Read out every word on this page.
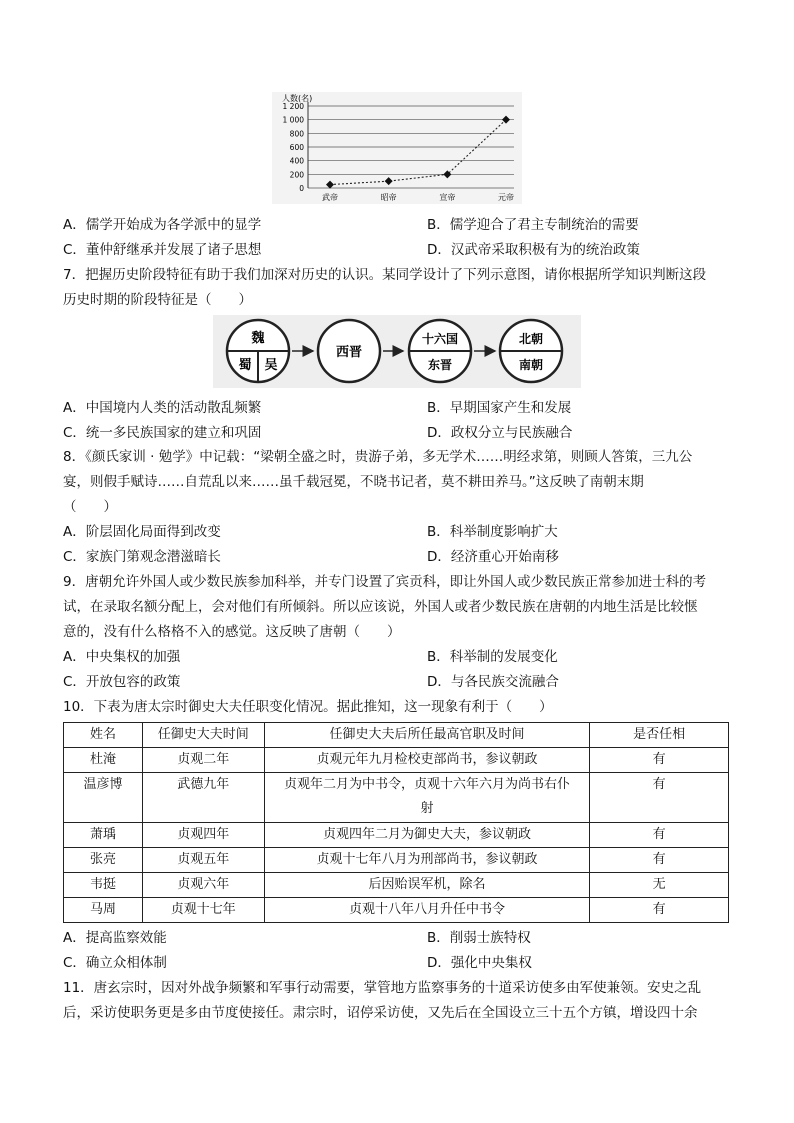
人数(名)
1 200
1 000
800
600
400
200
0
武帝	昭帝	宣帝	元帝
A．儒学开始成为各学派中的显学	B．儒学迎合了君主专制统治的需要
C．董仲舒继承并发展了诸子思想	D．汉武帝采取积极有为的统治政策
7．把握历史阶段特征有助于我们加深对历史的认识。某同学设计了下列示意图，请你根据所学知识判断这段
历史时期的阶段特征是（　　）
魏
蜀 吴
西晋
十六国
东晋
北朝
南朝
A．中国境内人类的活动散乱频繁	B．早期国家产生和发展
C．统一多民族国家的建立和巩固	D．政权分立与民族融合
8．《颜氏家训 · 勉学》中记载：“梁朝全盛之时，贵游子弟，多无学术……明经求第，则顾人答策，三九公
宴，则假手赋诗……自荒乱以来……虽千载冠冕，不晓书记者，莫不耕田养马。”这反映了南朝末期
（　　）
A．阶层固化局面得到改变	B．科举制度影响扩大
C．家族门第观念潜滋暗长	D．经济重心开始南移
9．唐朝允许外国人或少数民族参加科举，并专门设置了宾贡科，即让外国人或少数民族正常参加进士科的考
试，在录取名额分配上，会对他们有所倾斜。所以应该说，外国人或者少数民族在唐朝的内地生活是比较惬
意的，没有什么格格不入的感觉。这反映了唐朝（　　）
A．中央集权的加强	B．科举制的发展变化
C．开放包容的政策	D．与各民族交流融合
10．下表为唐太宗时御史大夫任职变化情况。据此推知，这一现象有利于（　　）
姓名	任御史大夫时间	任御史大夫后所任最高官职及时间	是否任相
杜淹	贞观二年	贞观元年九月检校吏部尚书，参议朝政	有
温彦博	武德九年	贞观年二月为中书令，贞观十六年六月为尚书右仆
射	有
萧瑀	贞观四年	贞观四年二月为御史大夫，参议朝政	有
张亮	贞观五年	贞观十七年八月为刑部尚书，参议朝政	有
韦挺	贞观六年	后因贻误军机，除名	无
马周	贞观十七年	贞观十八年八月升任中书令	有
A．提高监察效能	B．削弱士族特权
C．确立众相体制	D．强化中央集权
11．唐玄宗时，因对外战争频繁和军事行动需要，掌管地方监察事务的十道采访使多由军使兼领。安史之乱
后，采访使职务更是多由节度使接任。肃宗时，诏停采访使，又先后在全国设立三十五个方镇，增设四十余
